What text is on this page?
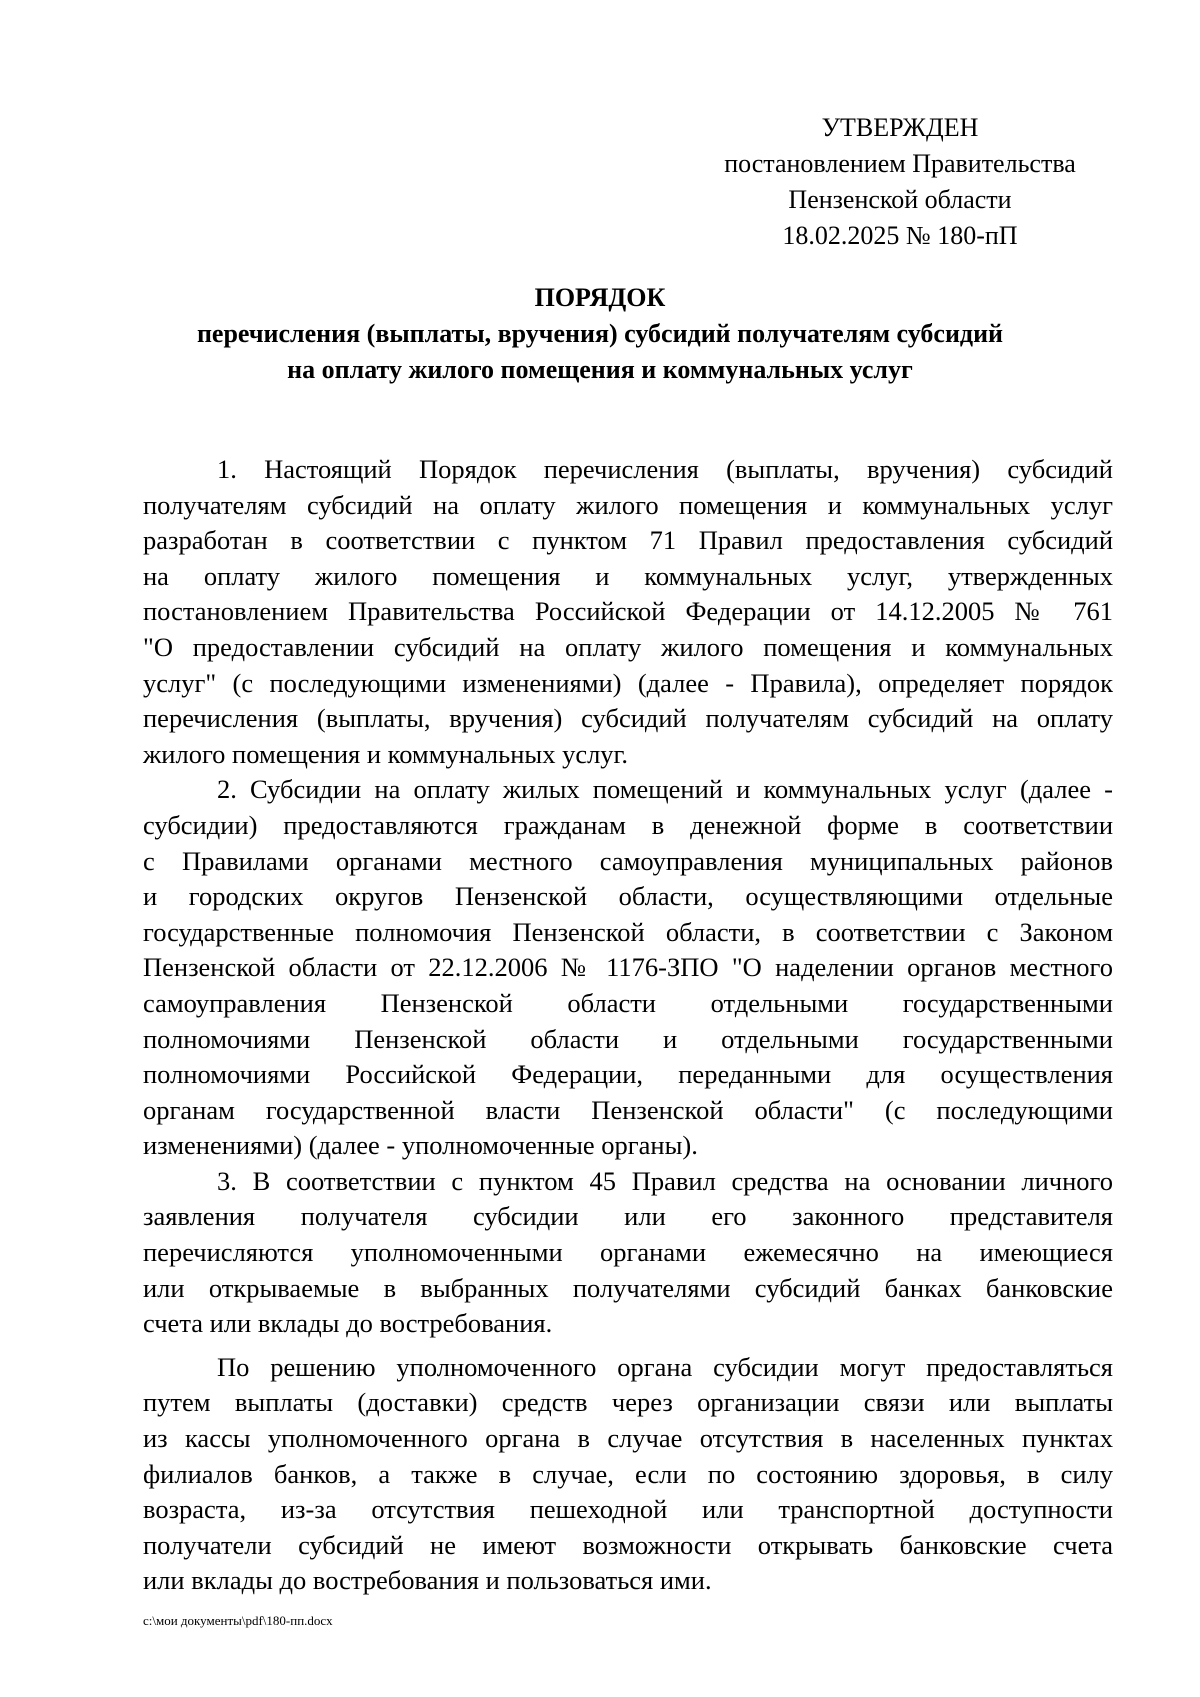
УТВЕРЖДЕН
постановлением Правительства
Пензенской области
18.02.2025 № 180-пП
ПОРЯДОК
перечисления (выплаты, вручения) субсидий получателям субсидий
на оплату жилого помещения и коммунальных услуг

1. Настоящий Порядок перечисления (выплаты, вручения) субсидий
получателям субсидий на оплату жилого помещения и коммунальных услуг
разработан в соответствии с пунктом 71 Правил предоставления субсидий
на оплату жилого помещения и коммунальных услуг, утвержденных
постановлением Правительства Российской Федерации от 14.12.2005 № 761
"О предоставлении субсидий на оплату жилого помещения и коммунальных
услуг" (с последующими изменениями) (далее - Правила), определяет порядок
перечисления (выплаты, вручения) субсидий получателям субсидий на оплату
жилого помещения и коммунальных услуг.

2. Субсидии на оплату жилых помещений и коммунальных услуг (далее -
субсидии) предоставляются гражданам в денежной форме в соответствии
с Правилами органами местного самоуправления муниципальных районов
и городских округов Пензенской области, осуществляющими отдельные
государственные полномочия Пензенской области, в соответствии с Законом
Пензенской области от 22.12.2006 № 1176-ЗПО "О наделении органов местного
самоуправления Пензенской области отдельными государственными
полномочиями Пензенской области и отдельными государственными
полномочиями Российской Федерации, переданными для осуществления
органам государственной власти Пензенской области" (с последующими
изменениями) (далее - уполномоченные органы).

3. В соответствии с пунктом 45 Правил средства на основании личного
заявления получателя субсидии или его законного представителя
перечисляются уполномоченными органами ежемесячно на имеющиеся
или открываемые в выбранных получателями субсидий банках банковские
счета или вклады до востребования.

По решению уполномоченного органа субсидии могут предоставляться
путем выплаты (доставки) средств через организации связи или выплаты
из кассы уполномоченного органа в случае отсутствия в населенных пунктах
филиалов банков, а также в случае, если по состоянию здоровья, в силу
возраста, из-за отсутствия пешеходной или транспортной доступности
получатели субсидий не имеют возможности открывать банковские счета
или вклады до востребования и пользоваться ими.

c:\мои документы\pdf\180-пп.docx
